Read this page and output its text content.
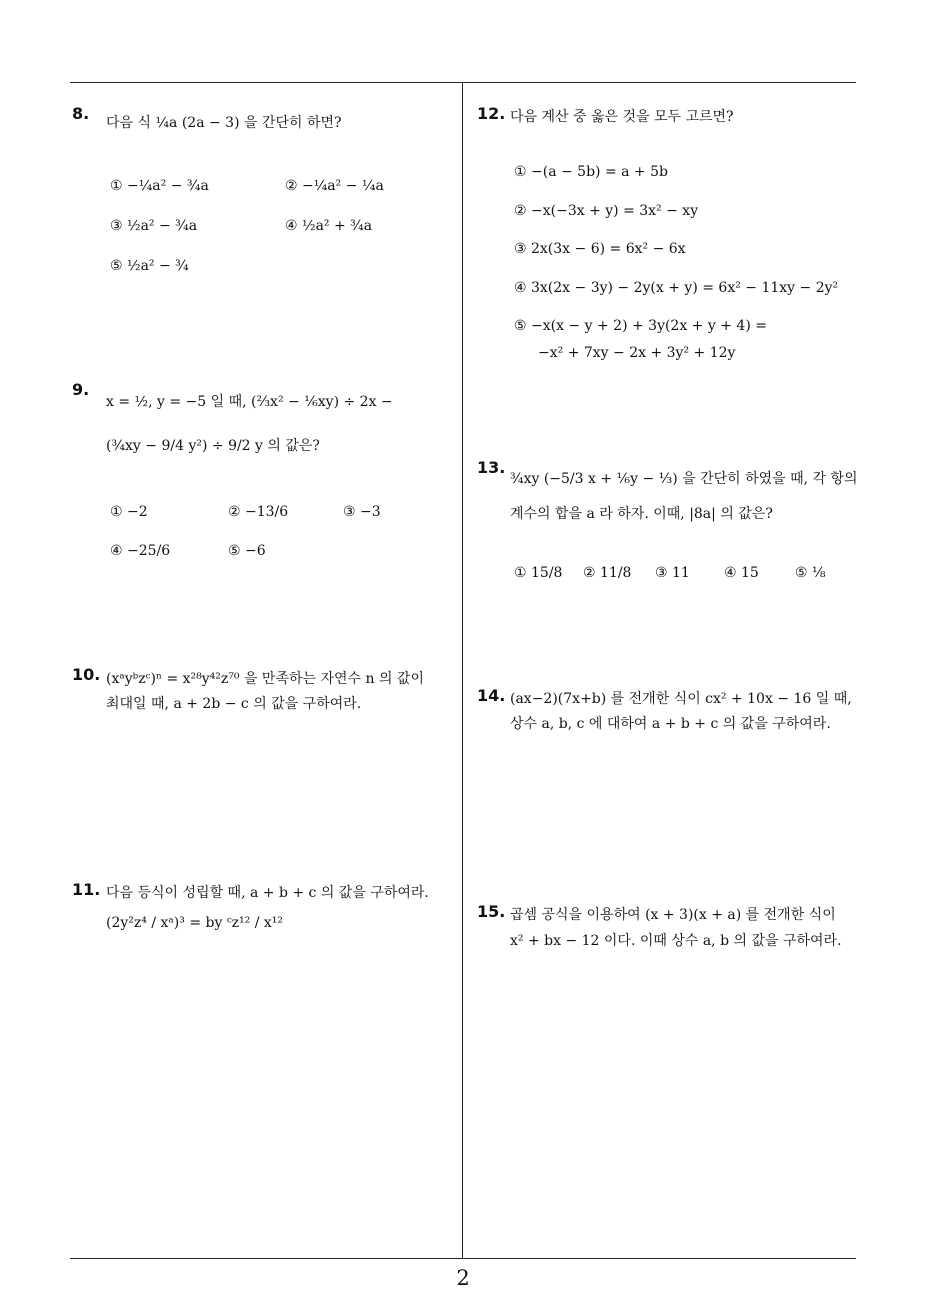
8. 다음 식 ¼a (2a − 3) 을 간단히 하면?
① −¼a² − ¾a	② −¼a² − ¼a
③ ½a² − ¾a	④ ½a² + ¾a
⑤ ½a² − ¾
9.
x = ½, y = −5 일 때, (⅔x² − ⅙xy) ÷ 2x −
(¾xy − 9/4 y²) ÷ 9/2 y 의 값은?
① −2	② −13/6	③ −3
④ −25/6	⑤ −6
10. (xᵃyᵇzᶜ)ⁿ = x²⁸y⁴²z⁷⁰ 을 만족하는 자연수 n 의 값이
최대일 때, a + 2b − c 의 값을 구하여라.
11. 다음 등식이 성립할 때, a + b + c 의 값을 구하여라.
(2y²z⁴ / xᵃ)³ = by ᶜz¹² / x¹²
12. 다음 계산 중 옳은 것을 모두 고르면?
① −(a − 5b) = a + 5b
② −x(−3x + y) = 3x² − xy
③ 2x(3x − 6) = 6x² − 6x
④ 3x(2x − 3y) − 2y(x + y) = 6x² − 11xy − 2y²
⑤ −x(x − y + 2) + 3y(2x + y + 4) =
−x² + 7xy − 2x + 3y² + 12y
13.
¾xy (−5/3 x + ⅙y − ⅓) 을 간단히 하였을 때, 각 항의
계수의 합을 a 라 하자. 이때, |8a| 의 값은?
① 15/8 ② 11/8 ③ 11 ④ 15	⑤ ⅛
14. (ax−2)(7x+b) 를 전개한 식이 cx² + 10x − 16 일 때,
상수 a, b, c 에 대하여 a + b + c 의 값을 구하여라.
15. 곱셈 공식을 이용하여 (x + 3)(x + a) 를 전개한 식이
x² + bx − 12 이다. 이때 상수 a, b 의 값을 구하여라.
2
